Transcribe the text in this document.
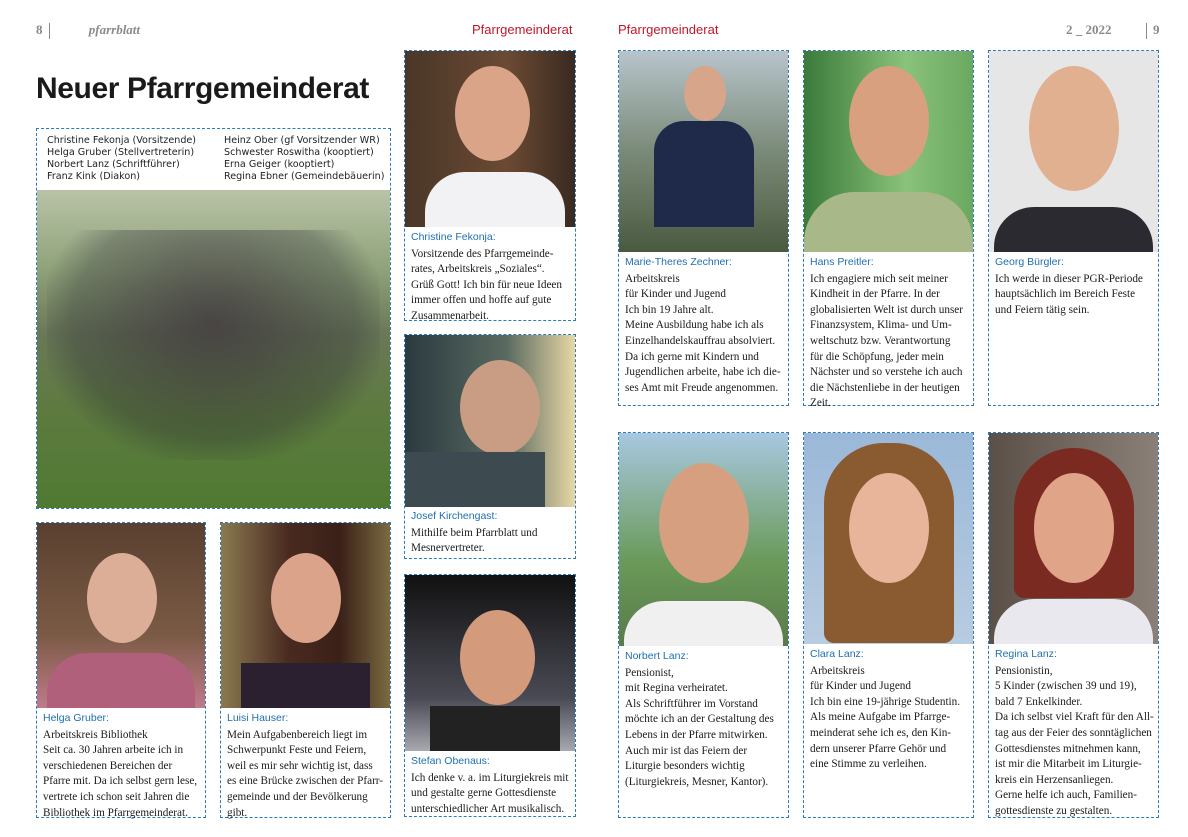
8	pfarrblatt	Pfarrgemeinderat	Pfarrgemeinderat	2 _ 2022	9
Neuer Pfarrgemeinderat
Christine Fekonja (Vorsitzende)
Helga Gruber (Stellvertreterin)
Norbert Lanz (Schriftführer)
Franz Kink (Diakon)
Heinz Ober (gf Vorsitzender WR)
Schwester Roswitha (kooptiert)
Erna Geiger (kooptiert)
Regina Ebner (Gemeindebäuerin)
Christine Fekonja:
Vorsitzende des Pfarrgemeinde-
rates, Arbeitskreis „Soziales“.
Grüß Gott! Ich bin für neue Ideen
immer offen und hoffe auf gute
Zusammenarbeit.
Josef Kirchengast:
Mithilfe beim Pfarrblatt und
Mesnervertreter.
Stefan Obenaus:
Ich denke v. a. im Liturgiekreis mit
und gestalte gerne Gottesdienste
unterschiedlicher Art musikalisch.
Helga Gruber:
Arbeitskreis Bibliothek
Seit ca. 30 Jahren arbeite ich in
verschiedenen Bereichen der
Pfarre mit. Da ich selbst gern lese,
vertrete ich schon seit Jahren die
Bibliothek im Pfarrgemeinderat.
Luisi Hauser:
Mein Aufgabenbereich liegt im
Schwerpunkt Feste und Feiern,
weil es mir sehr wichtig ist, dass
es eine Brücke zwischen der Pfarr-
gemeinde und der Bevölkerung
gibt.
Marie-Theres Zechner:
Arbeitskreis
für Kinder und Jugend
Ich bin 19 Jahre alt.
Meine Ausbildung habe ich als
Einzelhandelskauffrau absolviert.
Da ich gerne mit Kindern und
Jugendlichen arbeite, habe ich die-
ses Amt mit Freude angenommen.
Hans Preitler:
Ich engagiere mich seit meiner
Kindheit in der Pfarre. In der
globalisierten Welt ist durch unser
Finanzsystem, Klima- und Um-
weltschutz bzw. Verantwortung
für die Schöpfung, jeder mein
Nächster und so verstehe ich auch
die Nächstenliebe in der heutigen
Zeit.
Georg Bürgler:
Ich werde in dieser PGR-Periode
hauptsächlich im Bereich Feste
und Feiern tätig sein.
Norbert Lanz:
Pensionist,
mit Regina verheiratet.
Als Schriftführer im Vorstand
möchte ich an der Gestaltung des
Lebens in der Pfarre mitwirken.
Auch mir ist das Feiern der
Liturgie besonders wichtig
(Liturgiekreis, Mesner, Kantor).
Clara Lanz:
Arbeitskreis
für Kinder und Jugend
Ich bin eine 19-jährige Studentin.
Als meine Aufgabe im Pfarrge-
meinderat sehe ich es, den Kin-
dern unserer Pfarre Gehör und
eine Stimme zu verleihen.
Regina Lanz:
Pensionistin,
5 Kinder (zwischen 39 und 19),
bald 7 Enkelkinder.
Da ich selbst viel Kraft für den All-
tag aus der Feier des sonntäglichen
Gottesdienstes mitnehmen kann,
ist mir die Mitarbeit im Liturgie-
kreis ein Herzensanliegen.
Gerne helfe ich auch, Familien-
gottesdienste zu gestalten.
